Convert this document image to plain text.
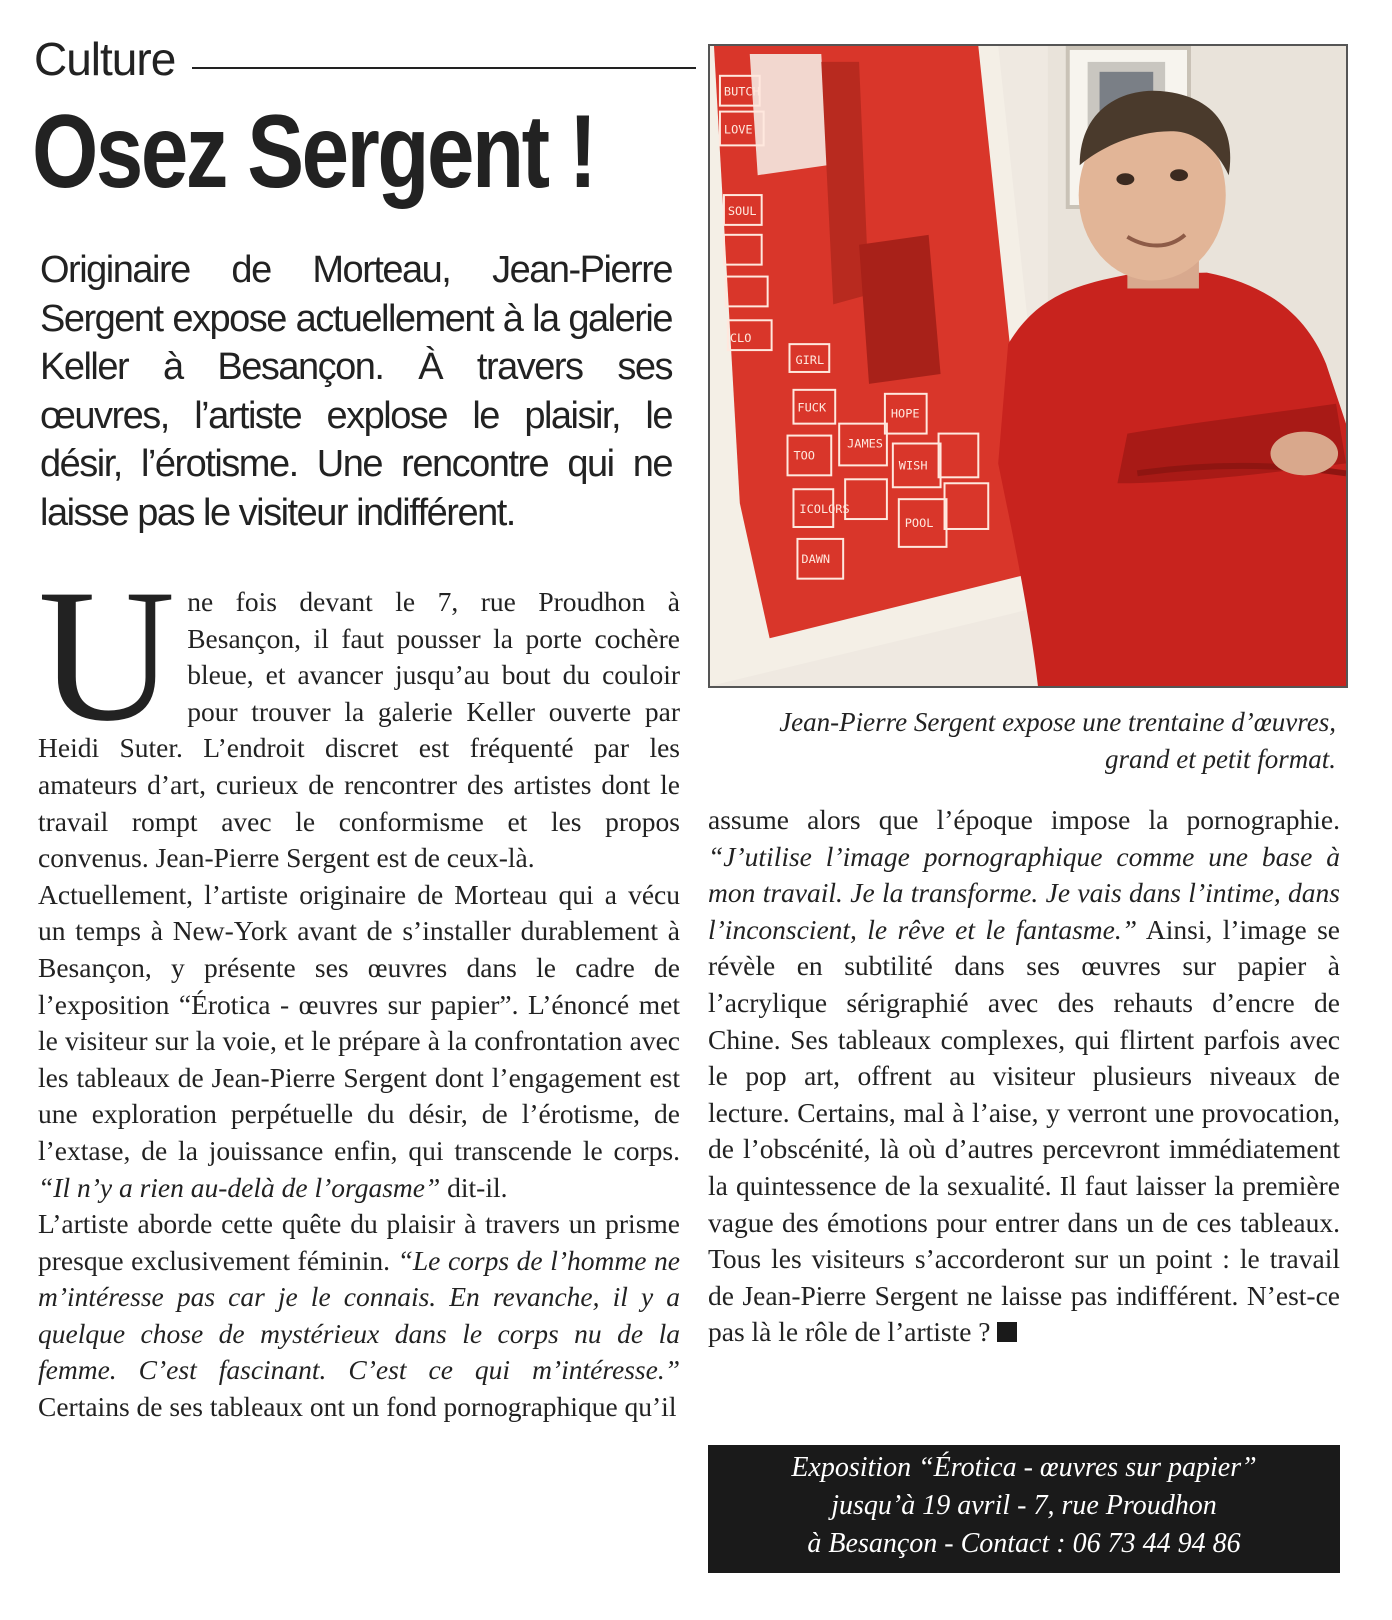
Culture
Osez Sergent !

Originaire de Morteau, Jean-Pierre Sergent expose actuellement à la galerie Keller à Besançon. À travers ses œuvres, l’artiste explose le plaisir, le désir, l’érotisme. Une rencontre qui ne laisse pas le visiteur indifférent.

BUTCH
LOVE
SOUL
CLO
GIRL
FUCK
TOO
ICOLORS
DAWN
JAMES
HOPE
WISH
POOL

Jean-Pierre Sergent expose une trentaine d’œuvres, grand et petit format.

Une fois devant le 7, rue Proudhon à Besançon, il faut pousser la porte cochère bleue, et avancer jusqu’au bout du couloir pour trouver la galerie Keller ouverte par Heidi Suter. L’endroit discret est fréquenté par les amateurs d’art, curieux de rencontrer des artistes dont le travail rompt avec le conformisme et les propos convenus. Jean-Pierre Sergent est de ceux-là.

Actuellement, l’artiste originaire de Morteau qui a vécu un temps à New-York avant de s’installer durablement à Besançon, y présente ses œuvres dans le cadre de l’exposition “Érotica - œuvres sur papier”. L’énoncé met le visiteur sur la voie, et le prépare à la confrontation avec les tableaux de Jean-Pierre Sergent dont l’engagement est une exploration perpétuelle du désir, de l’érotisme, de l’extase, de la jouissance enfin, qui transcende le corps. “Il n’y a rien au-delà de l’orgasme” dit-il.

L’artiste aborde cette quête du plaisir à travers un prisme presque exclusivement féminin. “Le corps de l’homme ne m’intéresse pas car je le connais. En revanche, il y a quelque chose de mystérieux dans le corps nu de la femme. C’est fascinant. C’est ce qui m’intéresse.” Certains de ses tableaux ont un fond pornographique qu’il

assume alors que l’époque impose la pornographie. “J’utilise l’image pornographique comme une base à mon travail. Je la transforme. Je vais dans l’intime, dans l’inconscient, le rêve et le fantasme.” Ainsi, l’image se révèle en subtilité dans ses œuvres sur papier à l’acrylique sérigraphié avec des rehauts d’encre de Chine. Ses tableaux complexes, qui flirtent parfois avec le pop art, offrent au visiteur plusieurs niveaux de lecture. Certains, mal à l’aise, y verront une provocation, de l’obscénité, là où d’autres percevront immédiatement la quintessence de la sexualité. Il faut laisser la première vague des émotions pour entrer dans un de ces tableaux. Tous les visiteurs s’accorderont sur un point : le travail de Jean-Pierre Sergent ne laisse pas indifférent. N’est-ce pas là le rôle de l’artiste ?

Exposition “Érotica - œuvres sur papier”

jusqu’à 19 avril - 7, rue Proudhon

à Besançon - Contact : 06 73 44 94 86
